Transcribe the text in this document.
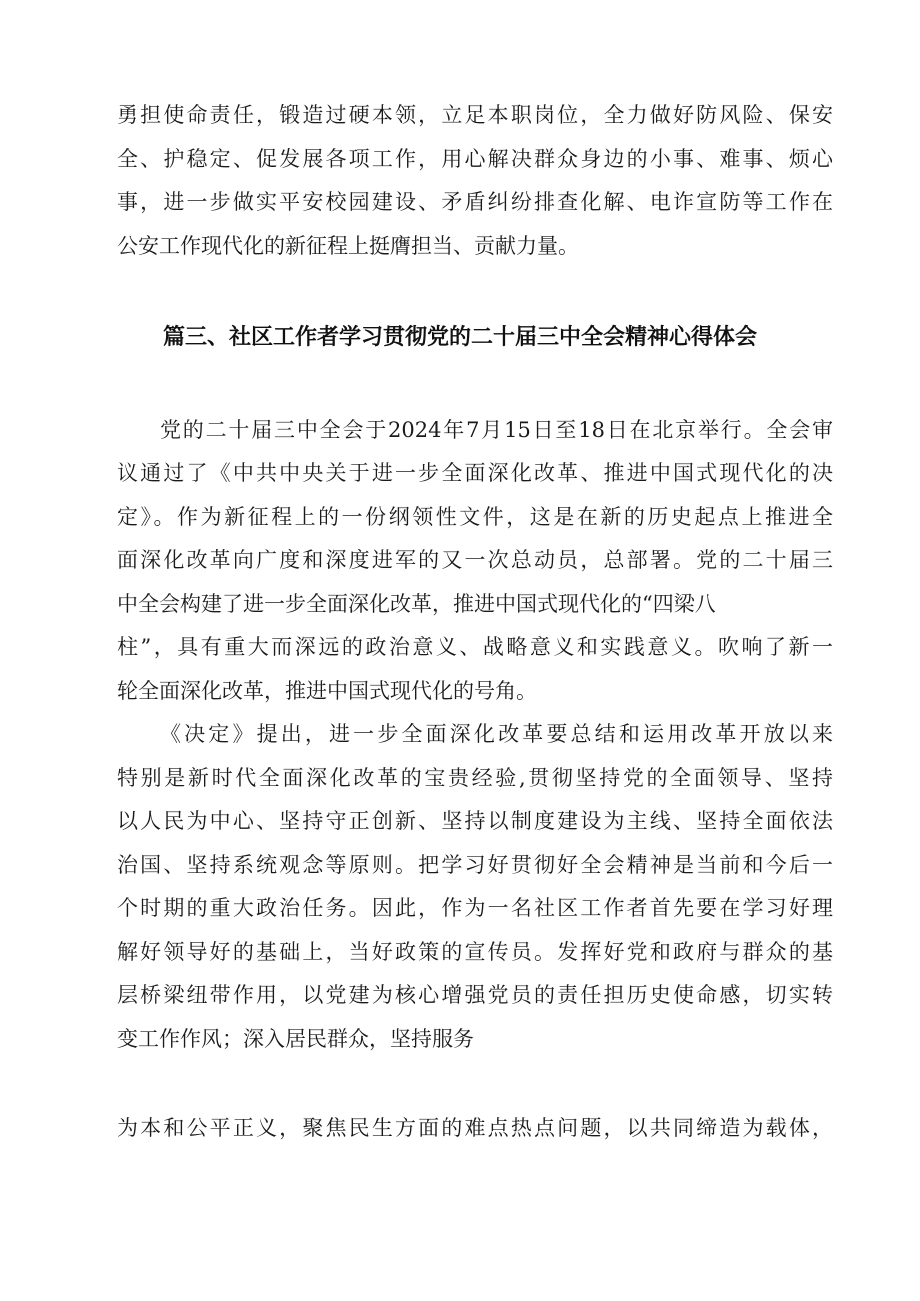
勇担使命责任，锻造过硬本领，立足本职岗位，全力做好防风险、保安
全、护稳定、促发展各项工作，用心解决群众身边的小事、难事、烦心
事，进一步做实平安校园建设、矛盾纠纷排查化解、电诈宣防等工作在
公安工作现代化的新征程上挺膺担当、贡献力量。
篇三、社区工作者学习贯彻党的二十届三中全会精神心得体会
党的二十届三中全会于2024年7月15日至18日在北京举行。全会审
议通过了《中共中央关于进一步全面深化改革、推进中国式现代化的决
定》。作为新征程上的一份纲领性文件，这是在新的历史起点上推进全
面深化改革向广度和深度进军的又一次总动员，总部署。党的二十届三
中全会构建了进一步全面深化改革，推进中国式现代化的“四梁八
柱”，具有重大而深远的政治意义、战略意义和实践意义。吹响了新一
轮全面深化改革，推进中国式现代化的号角。
《决定》提出，进一步全面深化改革要总结和运用改革开放以来
特别是新时代全面深化改革的宝贵经验,贯彻坚持党的全面领导、坚持
以人民为中心、坚持守正创新、坚持以制度建设为主线、坚持全面依法
治国、坚持系统观念等原则。把学习好贯彻好全会精神是当前和今后一
个时期的重大政治任务。因此，作为一名社区工作者首先要在学习好理
解好领导好的基础上，当好政策的宣传员。发挥好党和政府与群众的基
层桥梁纽带作用，以党建为核心增强党员的责任担历史使命感，切实转
变工作作风；深入居民群众，坚持服务
为本和公平正义，聚焦民生方面的难点热点问题，以共同缔造为载体，
